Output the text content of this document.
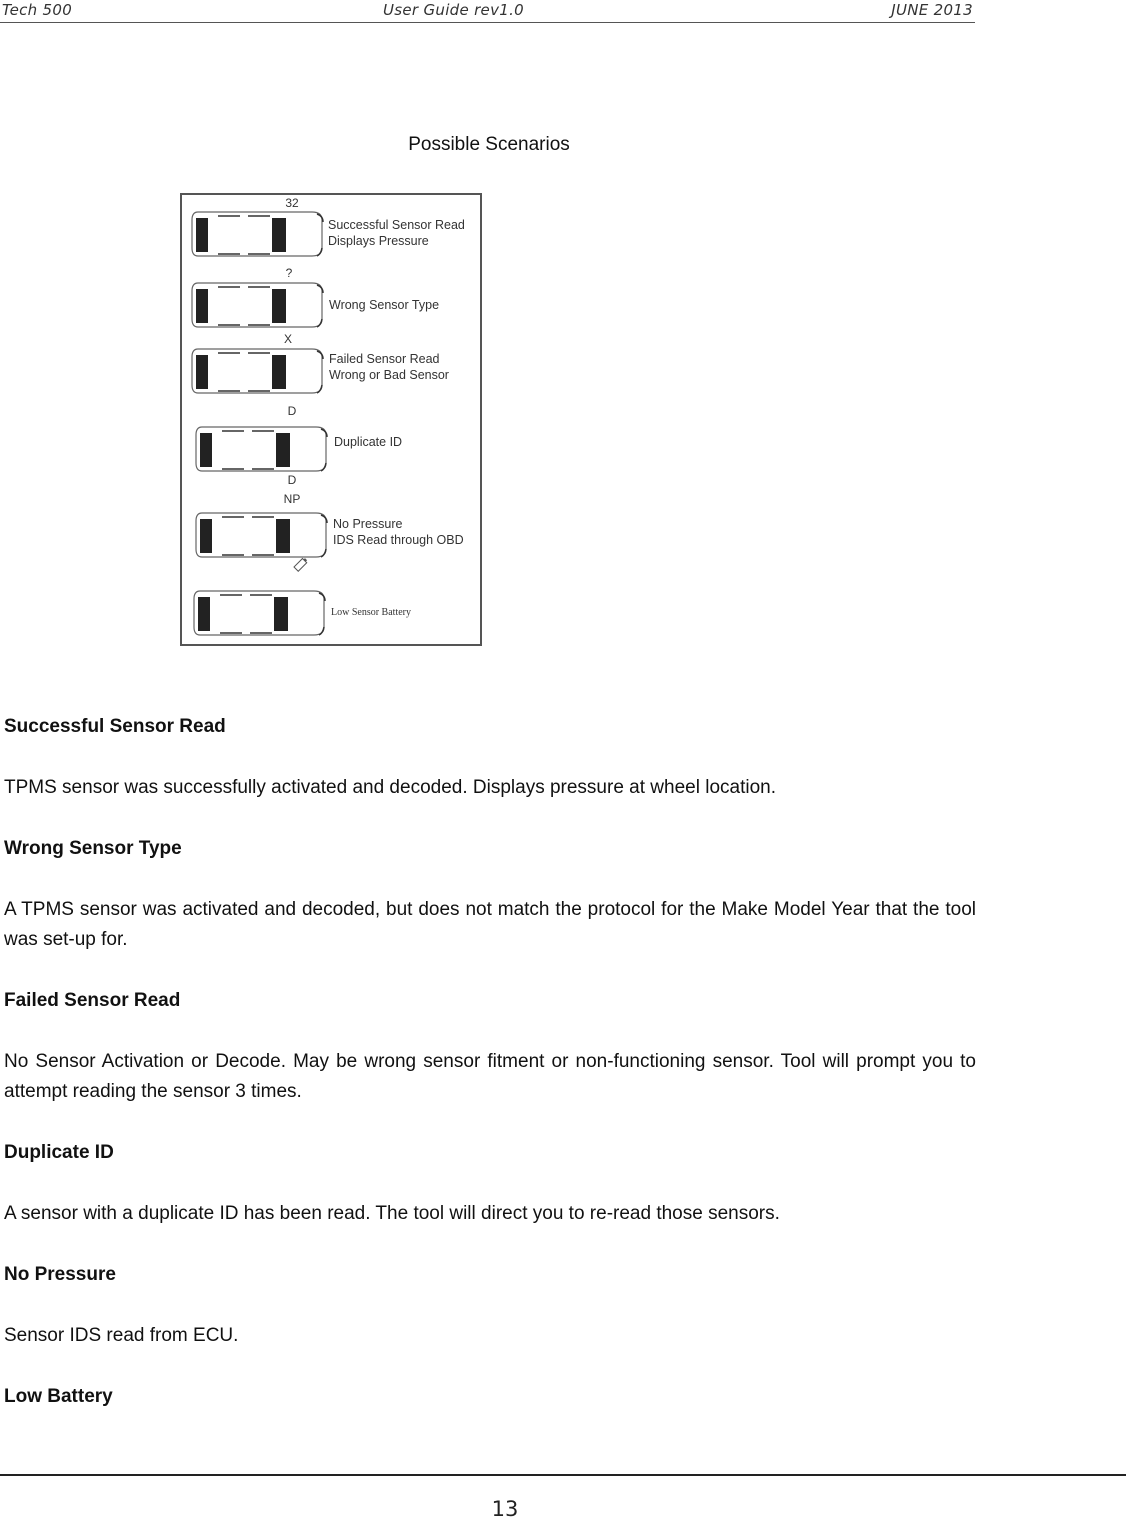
Tech 500	User Guide rev1.0	JUNE 2013
Possible Scenarios
32
Successful Sensor Read
Displays Pressure
?
Wrong Sensor Type
X
Failed Sensor Read
Wrong or Bad Sensor
D
Duplicate ID
D
NP
No Pressure
IDS Read through OBD
Low Sensor Battery

Successful Sensor Read

TPMS sensor was successfully activated and decoded. Displays pressure at wheel location.

Wrong Sensor Type

A TPMS sensor was activated and decoded, but does not match the protocol for the Make Model Year that the tool was set-up for.

Failed Sensor Read

No Sensor Activation or Decode. May be wrong sensor fitment or non-functioning sensor. Tool will prompt you to attempt reading the sensor 3 times.

Duplicate ID

A sensor with a duplicate ID has been read. The tool will direct you to re-read those sensors.

No Pressure

Sensor IDS read from ECU.

Low Battery

13
